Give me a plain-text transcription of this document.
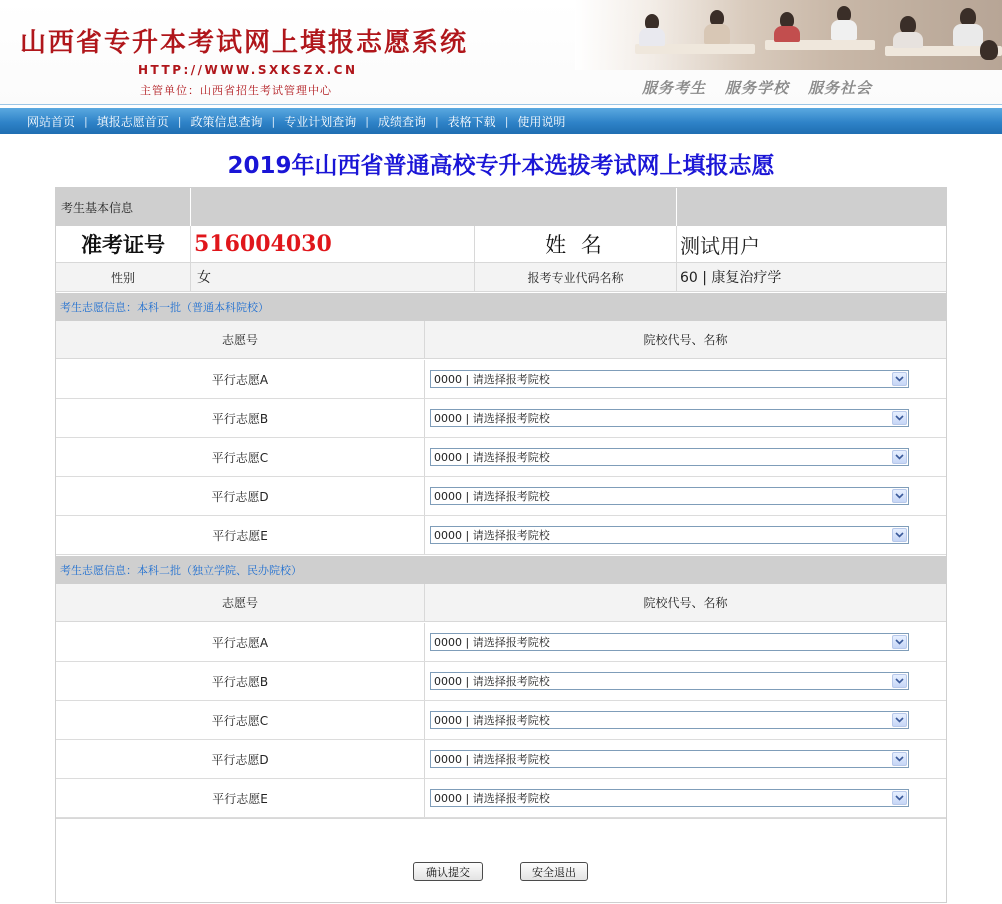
山西省专升本考试网上填报志愿系统
HTTP://WWW.SXKSZX.CN
主管单位：山西省招生考试管理中心	服务考生 服务学校 服务社会
网站首页 | 填报志愿首页 | 政策信息查询 | 专业计划查询 | 成绩查询 | 表格下载 | 使用说明
2019年山西省普通高校专升本选拔考试网上填报志愿
考生基本信息
准考证号	516004030	姓 名	测试用户
性别	女	报考专业代码名称	60 | 康复治疗学
考生志愿信息：本科一批（普通本科院校）
志愿号	院校代号、名称
平行志愿A	0000 | 请选择报考院校
平行志愿B	0000 | 请选择报考院校
平行志愿C	0000 | 请选择报考院校
平行志愿D	0000 | 请选择报考院校
平行志愿E	0000 | 请选择报考院校
考生志愿信息：本科二批（独立学院、民办院校）
志愿号	院校代号、名称
平行志愿A	0000 | 请选择报考院校
平行志愿B	0000 | 请选择报考院校
平行志愿C	0000 | 请选择报考院校
平行志愿D	0000 | 请选择报考院校
平行志愿E	0000 | 请选择报考院校
确认提交	安全退出
